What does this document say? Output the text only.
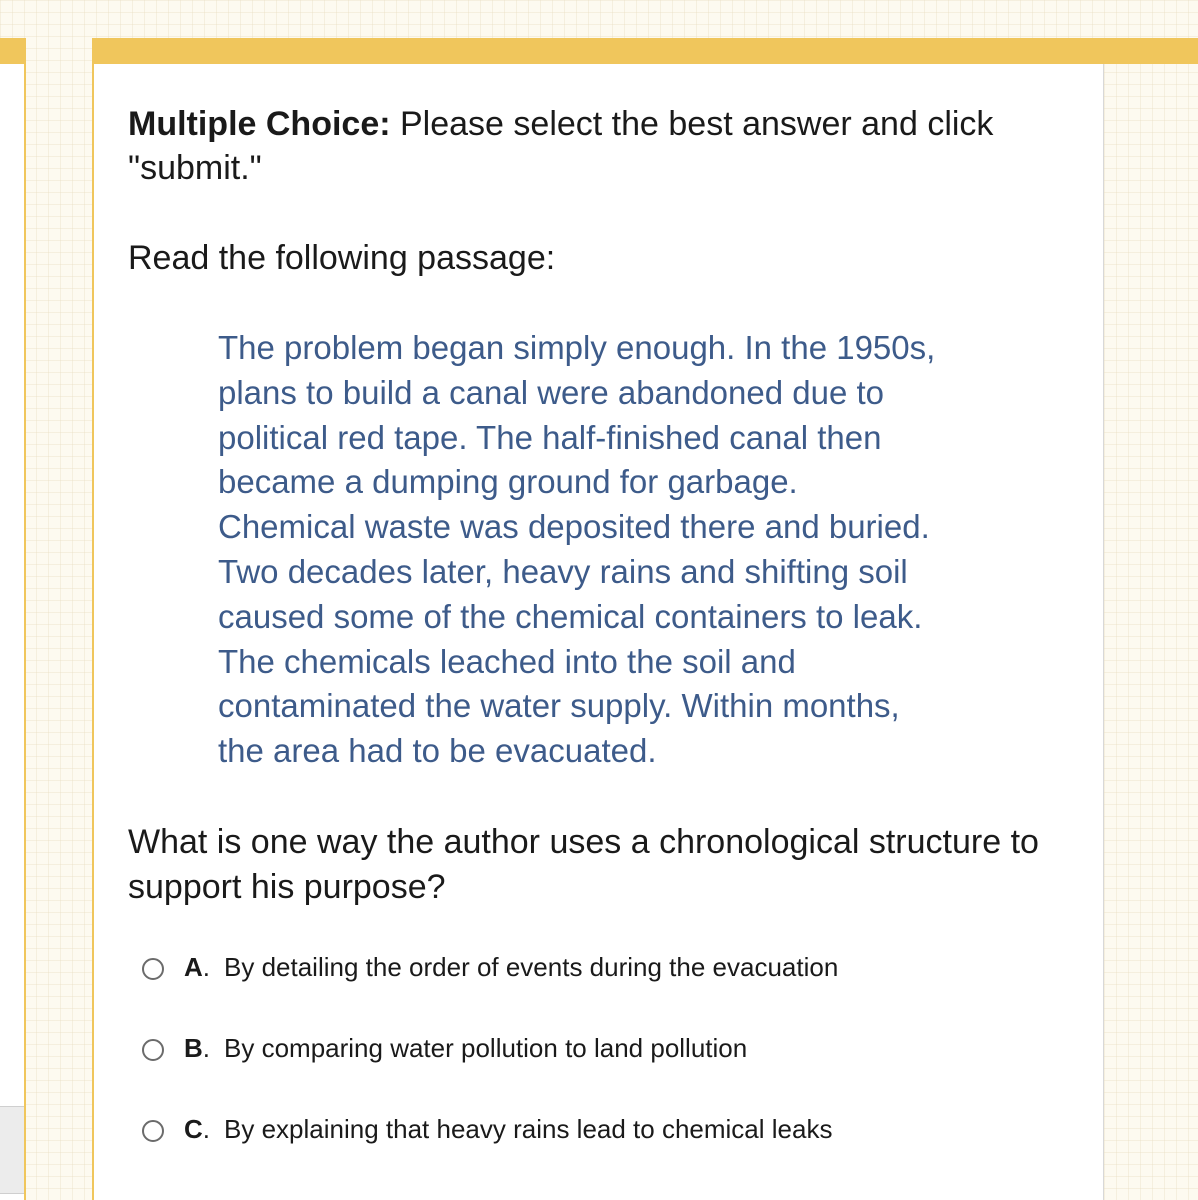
Multiple Choice: Please select the best answer and click "submit."

Read the following passage:

The problem began simply enough. In the 1950s,
plans to build a canal were abandoned due to
political red tape. The half-finished canal then
became a dumping ground for garbage.
Chemical waste was deposited there and buried.
Two decades later, heavy rains and shifting soil
caused some of the chemical containers to leak.
The chemicals leached into the soil and
contaminated the water supply. Within months,
the area had to be evacuated.

What is one way the author uses a chronological structure to support his purpose?

A . By detailing the order of events during the evacuation
B . By comparing water pollution to land pollution
C . By explaining that heavy rains lead to chemical leaks
